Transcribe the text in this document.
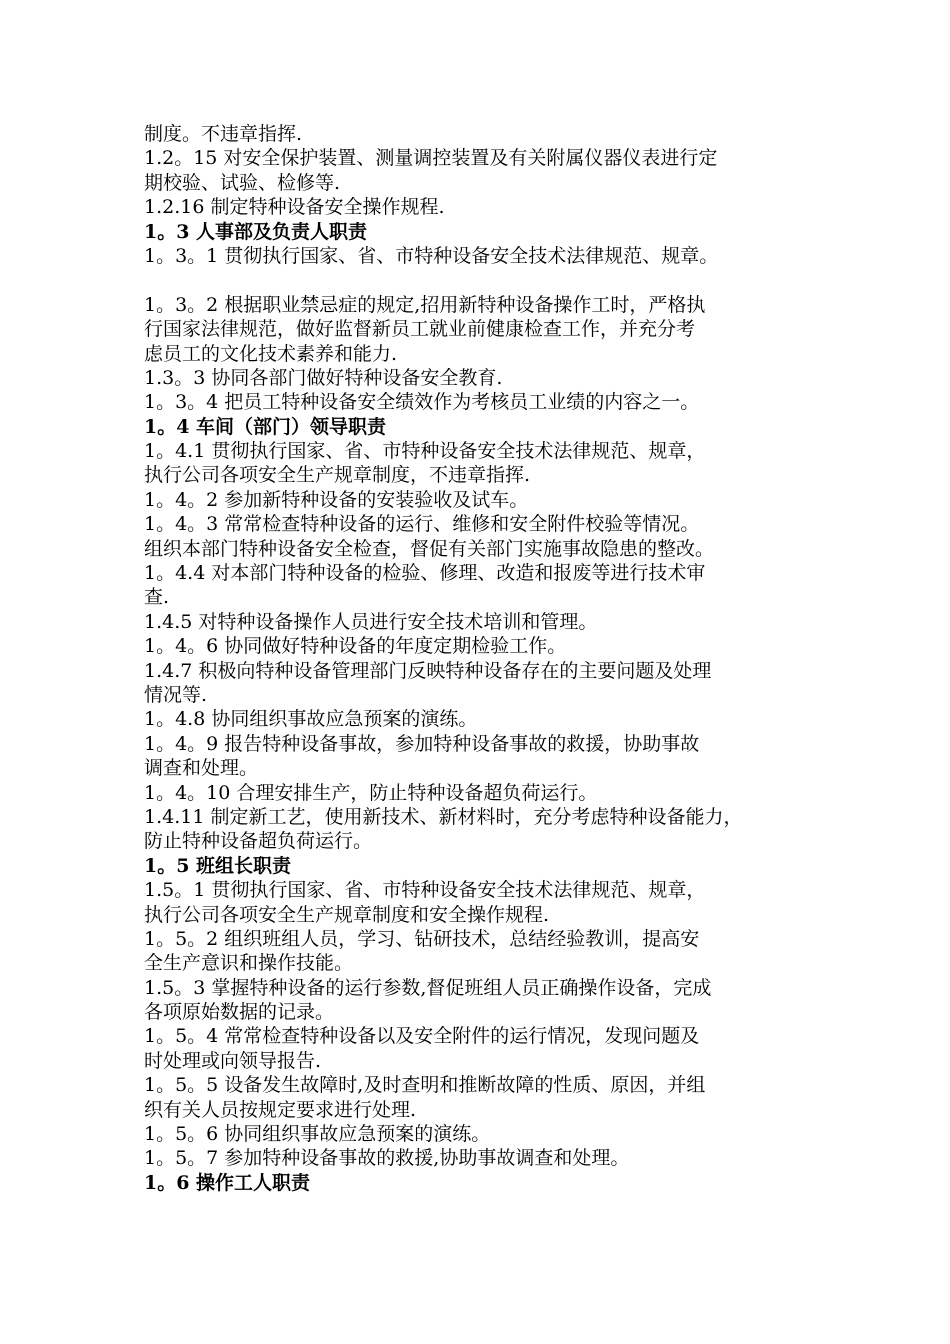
制度。不违章指挥.
1.2。15 对安全保护装置、测量调控装置及有关附属仪器仪表进行定
期校验、试验、检修等.
1.2.16 制定特种设备安全操作规程.
1。3 人事部及负责人职责
1。3。1 贯彻执行国家、省、市特种设备安全技术法律规范、规章。
1。3。2 根据职业禁忌症的规定,招用新特种设备操作工时，严格执
行国家法律规范，做好监督新员工就业前健康检查工作，并充分考
虑员工的文化技术素养和能力.
1.3。3 协同各部门做好特种设备安全教育.
1。3。4 把员工特种设备安全绩效作为考核员工业绩的内容之一。
1。4 车间（部门）领导职责
1。4.1 贯彻执行国家、省、市特种设备安全技术法律规范、规章，
执行公司各项安全生产规章制度，不违章指挥.
1。4。2 参加新特种设备的安装验收及试车。
1。4。3 常常检查特种设备的运行、维修和安全附件校验等情况。
组织本部门特种设备安全检查，督促有关部门实施事故隐患的整改。
1。4.4 对本部门特种设备的检验、修理、改造和报废等进行技术审
查.
1.4.5 对特种设备操作人员进行安全技术培训和管理。
1。4。6 协同做好特种设备的年度定期检验工作。
1.4.7 积极向特种设备管理部门反映特种设备存在的主要问题及处理
情况等.
1。4.8 协同组织事故应急预案的演练。
1。4。9 报告特种设备事故，参加特种设备事故的救援，协助事故
调查和处理。
1。4。10 合理安排生产，防止特种设备超负荷运行。
1.4.11 制定新工艺，使用新技术、新材料时，充分考虑特种设备能力，
防止特种设备超负荷运行。
1。5 班组长职责
1.5。1 贯彻执行国家、省、市特种设备安全技术法律规范、规章，
执行公司各项安全生产规章制度和安全操作规程.
1。5。2 组织班组人员，学习、钻研技术，总结经验教训，提高安
全生产意识和操作技能。
1.5。3 掌握特种设备的运行参数,督促班组人员正确操作设备，完成
各项原始数据的记录。
1。5。4 常常检查特种设备以及安全附件的运行情况，发现问题及
时处理或向领导报告.
1。5。5 设备发生故障时,及时查明和推断故障的性质、原因，并组
织有关人员按规定要求进行处理.
1。5。6 协同组织事故应急预案的演练。
1。5。7 参加特种设备事故的救援,协助事故调查和处理。
1。6 操作工人职责
